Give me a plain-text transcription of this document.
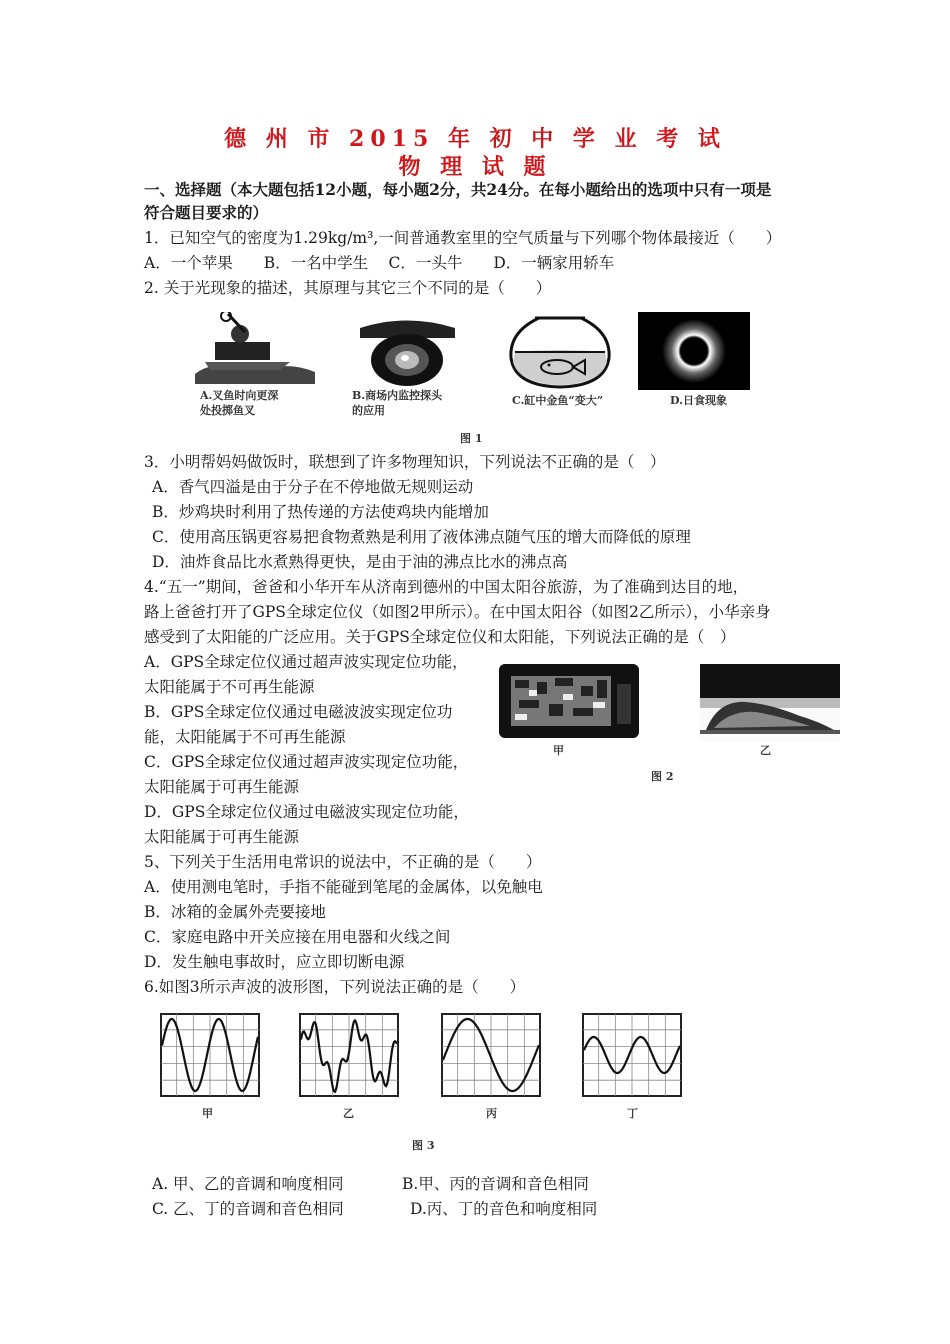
德 州 市 2015 年 初 中 学 业 考 试
物 理 试 题
一、选择题（本大题包括12小题，每小题2分，共24分。在每小题给出的选项中只有一项是
符合题目要求的）
1．已知空气的密度为1.29kg/m³,一间普通教室里的空气质量与下列哪个物体最接近（　　）
A．一个苹果　　B．一名中学生　 C．一头牛　　D．一辆家用轿车
2. 关于光现象的描述，其原理与其它三个不同的是（　　）
A.叉鱼时向更深
处投掷鱼叉
B.商场内监控探头
的应用
C.缸中金鱼“变大”	D.日食现象
图 1
3．小明帮妈妈做饭时，联想到了许多物理知识，下列说法不正确的是（　）
A．香气四溢是由于分子在不停地做无规则运动
B．炒鸡块时利用了热传递的方法使鸡块内能增加
C．使用高压锅更容易把食物煮熟是利用了液体沸点随气压的增大而降低的原理
D．油炸食品比水煮熟得更快，是由于油的沸点比水的沸点高
4.“五一”期间，爸爸和小华开车从济南到德州的中国太阳谷旅游，为了准确到达目的地，
路上爸爸打开了GPS全球定位仪（如图2甲所示）。在中国太阳谷（如图2乙所示），小华亲身
感受到了太阳能的广泛应用。关于GPS全球定位仪和太阳能，下列说法正确的是（　）
A．GPS全球定位仪通过超声波实现定位功能，
太阳能属于不可再生能源
B．GPS全球定位仪通过电磁波波实现定位功
能，太阳能属于不可再生能源
C．GPS全球定位仪通过超声波实现定位功能，
太阳能属于可再生能源
D．GPS全球定位仪通过电磁波实现定位功能，
太阳能属于可再生能源
甲	乙
图 2
5、下列关于生活用电常识的说法中，不正确的是（　　）
A．使用测电笔时，手指不能碰到笔尾的金属体，以免触电
B．冰箱的金属外壳要接地
C．家庭电路中开关应接在用电器和火线之间
D．发生触电事故时，应立即切断电源
6.如图3所示声波的波形图，下列说法正确的是（　　）
甲	乙	丙	丁
图 3
A. 甲、乙的音调和响度相同	B.甲、丙的音调和音色相同
C. 乙、丁的音调和音色相同	D.丙、丁的音色和响度相同
